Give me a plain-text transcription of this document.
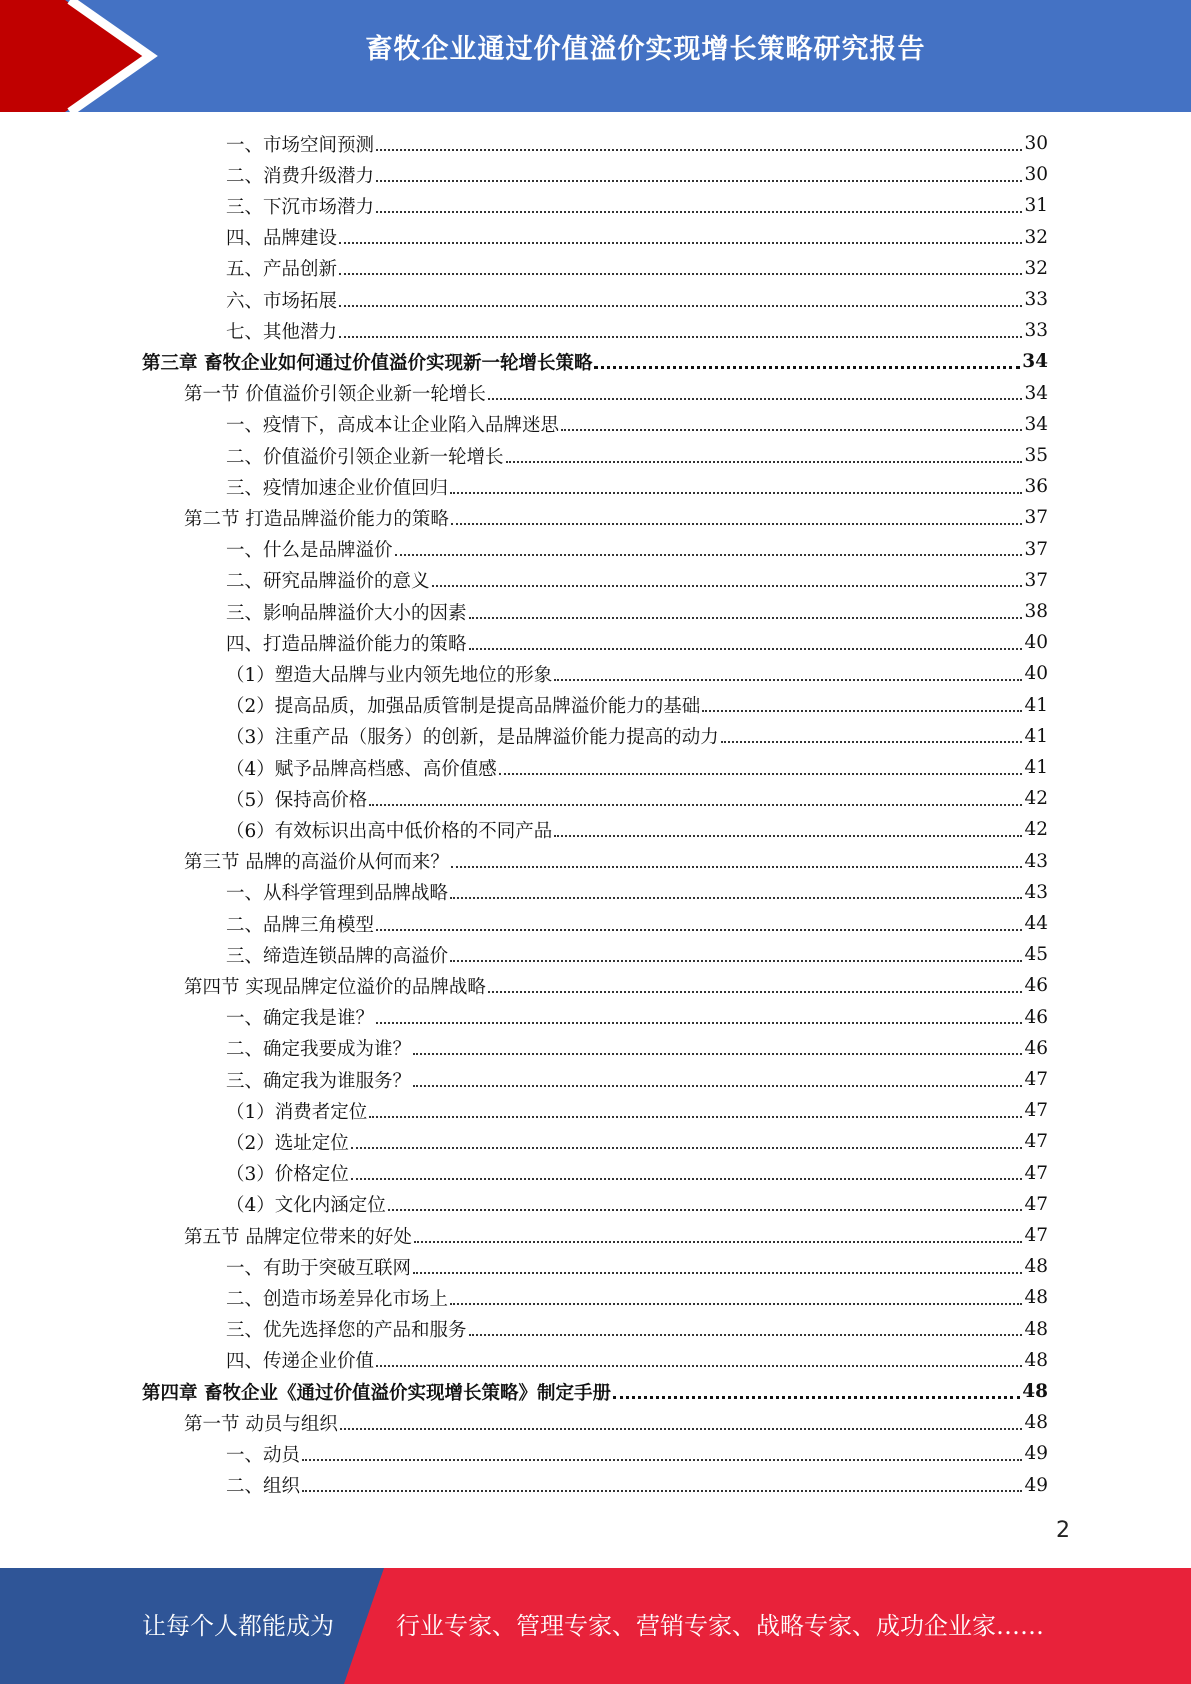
畜牧企业通过价值溢价实现增长策略研究报告
一、市场空间预测	30
二、消费升级潜力	30
三、下沉市场潜力	31
四、品牌建设	32
五、产品创新	32
六、市场拓展	33
七、其他潜力	33
第三章 畜牧企业如何通过价值溢价实现新一轮增长策略	34
第一节 价值溢价引领企业新一轮增长	34
一、疫情下，高成本让企业陷入品牌迷思	34
二、价值溢价引领企业新一轮增长	35
三、疫情加速企业价值回归	36
第二节 打造品牌溢价能力的策略	37
一、什么是品牌溢价	37
二、研究品牌溢价的意义	37
三、影响品牌溢价大小的因素	38
四、打造品牌溢价能力的策略	40
（1）塑造大品牌与业内领先地位的形象	40
（2）提高品质，加强品质管制是提高品牌溢价能力的基础	41
（3）注重产品（服务）的创新，是品牌溢价能力提高的动力	41
（4）赋予品牌高档感、高价值感	41
（5）保持高价格	42
（6）有效标识出高中低价格的不同产品	42
第三节 品牌的高溢价从何而来？	43
一、从科学管理到品牌战略	43
二、品牌三角模型	44
三、缔造连锁品牌的高溢价	45
第四节 实现品牌定位溢价的品牌战略	46
一、确定我是谁？	46
二、确定我要成为谁？	46
三、确定我为谁服务？	47
（1）消费者定位	47
（2）选址定位	47
（3）价格定位	47
（4）文化内涵定位	47
第五节 品牌定位带来的好处	47
一、有助于突破互联网	48
二、创造市场差异化市场上	48
三、优先选择您的产品和服务	48
四、传递企业价值	48
第四章 畜牧企业《通过价值溢价实现增长策略》制定手册	48
第一节 动员与组织	48
一、动员	49
二、组织	49
2
让每个人都能成为	行业专家、管理专家、营销专家、战略专家、成功企业家……
